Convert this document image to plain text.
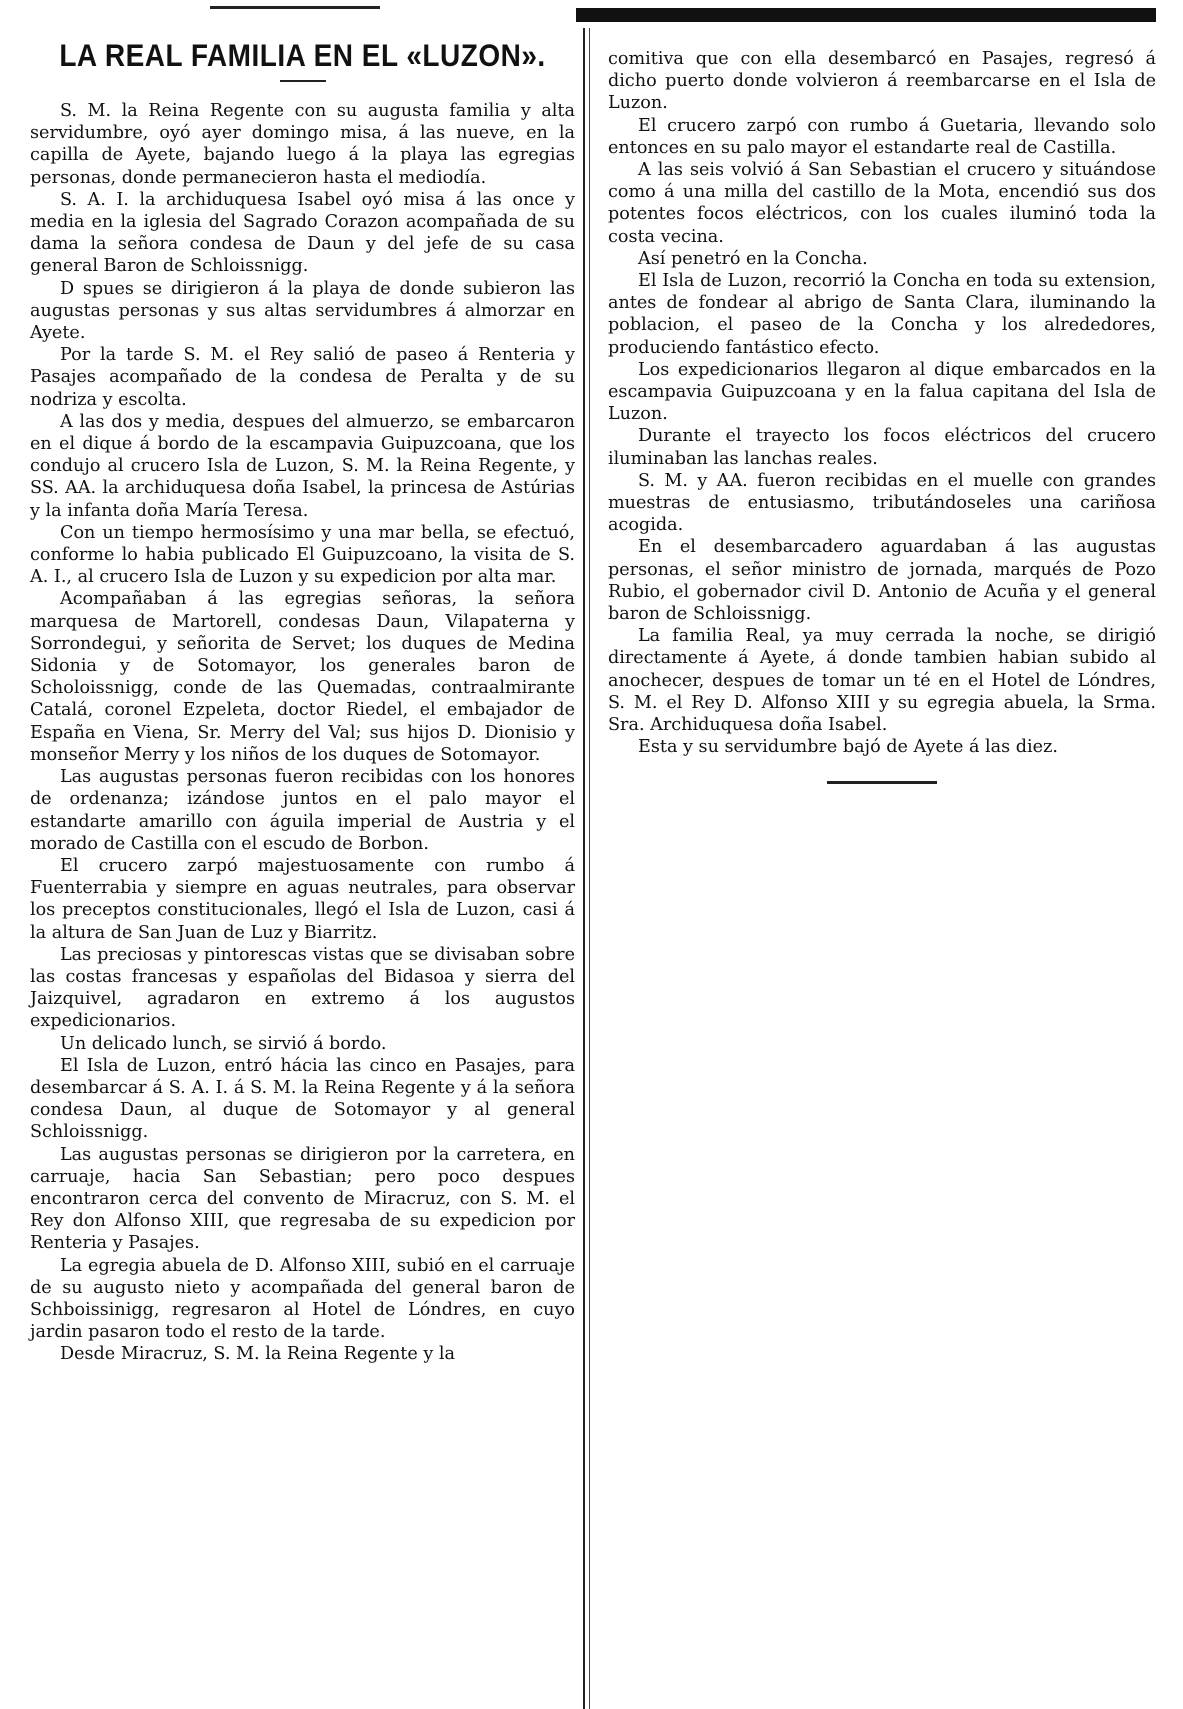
LA REAL FAMILIA EN EL «LUZON».

S. M. la Reina Regente con su augusta familia y alta servidumbre, oyó ayer domingo misa, á las nueve, en la capilla de Ayete, bajando luego á la playa las egregias personas, donde permanecieron hasta el mediodía.

S. A. I. la archiduquesa Isabel oyó misa á las once y media en la iglesia del Sagrado Corazon acompañada de su dama la señora condesa de Daun y del jefe de su casa general Baron de Schloissnigg.

D spues se dirigieron á la playa de donde subieron las augustas personas y sus altas servidumbres á almorzar en Ayete.

Por la tarde S. M. el Rey salió de paseo á Renteria y Pasajes acompañado de la condesa de Peralta y de su nodriza y escolta.

A las dos y media, despues del almuerzo, se embarcaron en el dique á bordo de la escampavia Guipuzcoana, que los condujo al crucero Isla de Luzon, S. M. la Reina Regente, y SS. AA. la archiduquesa doña Isabel, la princesa de Astúrias y la infanta doña María Teresa.

Con un tiempo hermosísimo y una mar bella, se efectuó, conforme lo habia publicado El Guipuzcoano, la visita de S. A. I., al crucero Isla de Luzon y su expedicion por alta mar.

Acompañaban á las egregias señoras, la señora marquesa de Martorell, condesas Daun, Vilapaterna y Sorrondegui, y señorita de Servet; los duques de Medina Sidonia y de Sotomayor, los generales baron de Scholoissnigg, conde de las Quemadas, contraalmirante Catalá, coronel Ezpeleta, doctor Riedel, el embajador de España en Viena, Sr. Merry del Val; sus hijos D. Dionisio y monseñor Merry y los niños de los duques de Sotomayor.

Las augustas personas fueron recibidas con los honores de ordenanza; izándose juntos en el palo mayor el estandarte amarillo con águila imperial de Austria y el morado de Castilla con el escudo de Borbon.

El crucero zarpó majestuosamente con rumbo á Fuenterrabia y siempre en aguas neutrales, para observar los preceptos constitucionales, llegó el Isla de Luzon, casi á la altura de San Juan de Luz y Biarritz.

Las preciosas y pintorescas vistas que se divisaban sobre las costas francesas y españolas del Bidasoa y sierra del Jaizquivel, agradaron en extremo á los augustos expedicionarios.

Un delicado lunch, se sirvió á bordo.

El Isla de Luzon, entró hácia las cinco en Pasajes, para desembarcar á S. A. I. á S. M. la Reina Regente y á la señora condesa Daun, al duque de Sotomayor y al general Schloissnigg.

Las augustas personas se dirigieron por la carretera, en carruaje, hacia San Sebastian; pero poco despues encontraron cerca del convento de Miracruz, con S. M. el Rey don Alfonso XIII, que regresaba de su expedicion por Renteria y Pasajes.

La egregia abuela de D. Alfonso XIII, subió en el carruaje de su augusto nieto y acompañada del general baron de Schboissinigg, regresaron al Hotel de Lóndres, en cuyo jardin pasaron todo el resto de la tarde.

Desde Miracruz, S. M. la Reina Regente y la

comitiva que con ella desembarcó en Pasajes, regresó á dicho puerto donde volvieron á reembarcarse en el Isla de Luzon.

El crucero zarpó con rumbo á Guetaria, llevando solo entonces en su palo mayor el estandarte real de Castilla.

A las seis volvió á San Sebastian el crucero y situándose como á una milla del castillo de la Mota, encendió sus dos potentes focos eléctricos, con los cuales iluminó toda la costa vecina.

Así penetró en la Concha.

El Isla de Luzon, recorrió la Concha en toda su extension, antes de fondear al abrigo de Santa Clara, iluminando la poblacion, el paseo de la Concha y los alrededores, produciendo fantástico efecto.

Los expedicionarios llegaron al dique embarcados en la escampavia Guipuzcoana y en la falua capitana del Isla de Luzon.

Durante el trayecto los focos eléctricos del crucero iluminaban las lanchas reales.

S. M. y AA. fueron recibidas en el muelle con grandes muestras de entusiasmo, tributándoseles una cariñosa acogida.

En el desembarcadero aguardaban á las augustas personas, el señor ministro de jornada, marqués de Pozo Rubio, el gobernador civil D. Antonio de Acuña y el general baron de Schloissnigg.

La familia Real, ya muy cerrada la noche, se dirigió directamente á Ayete, á donde tambien habian subido al anochecer, despues de tomar un té en el Hotel de Lóndres, S. M. el Rey D. Alfonso XIII y su egregia abuela, la Srma. Sra. Archiduquesa doña Isabel.

Esta y su servidumbre bajó de Ayete á las diez.
